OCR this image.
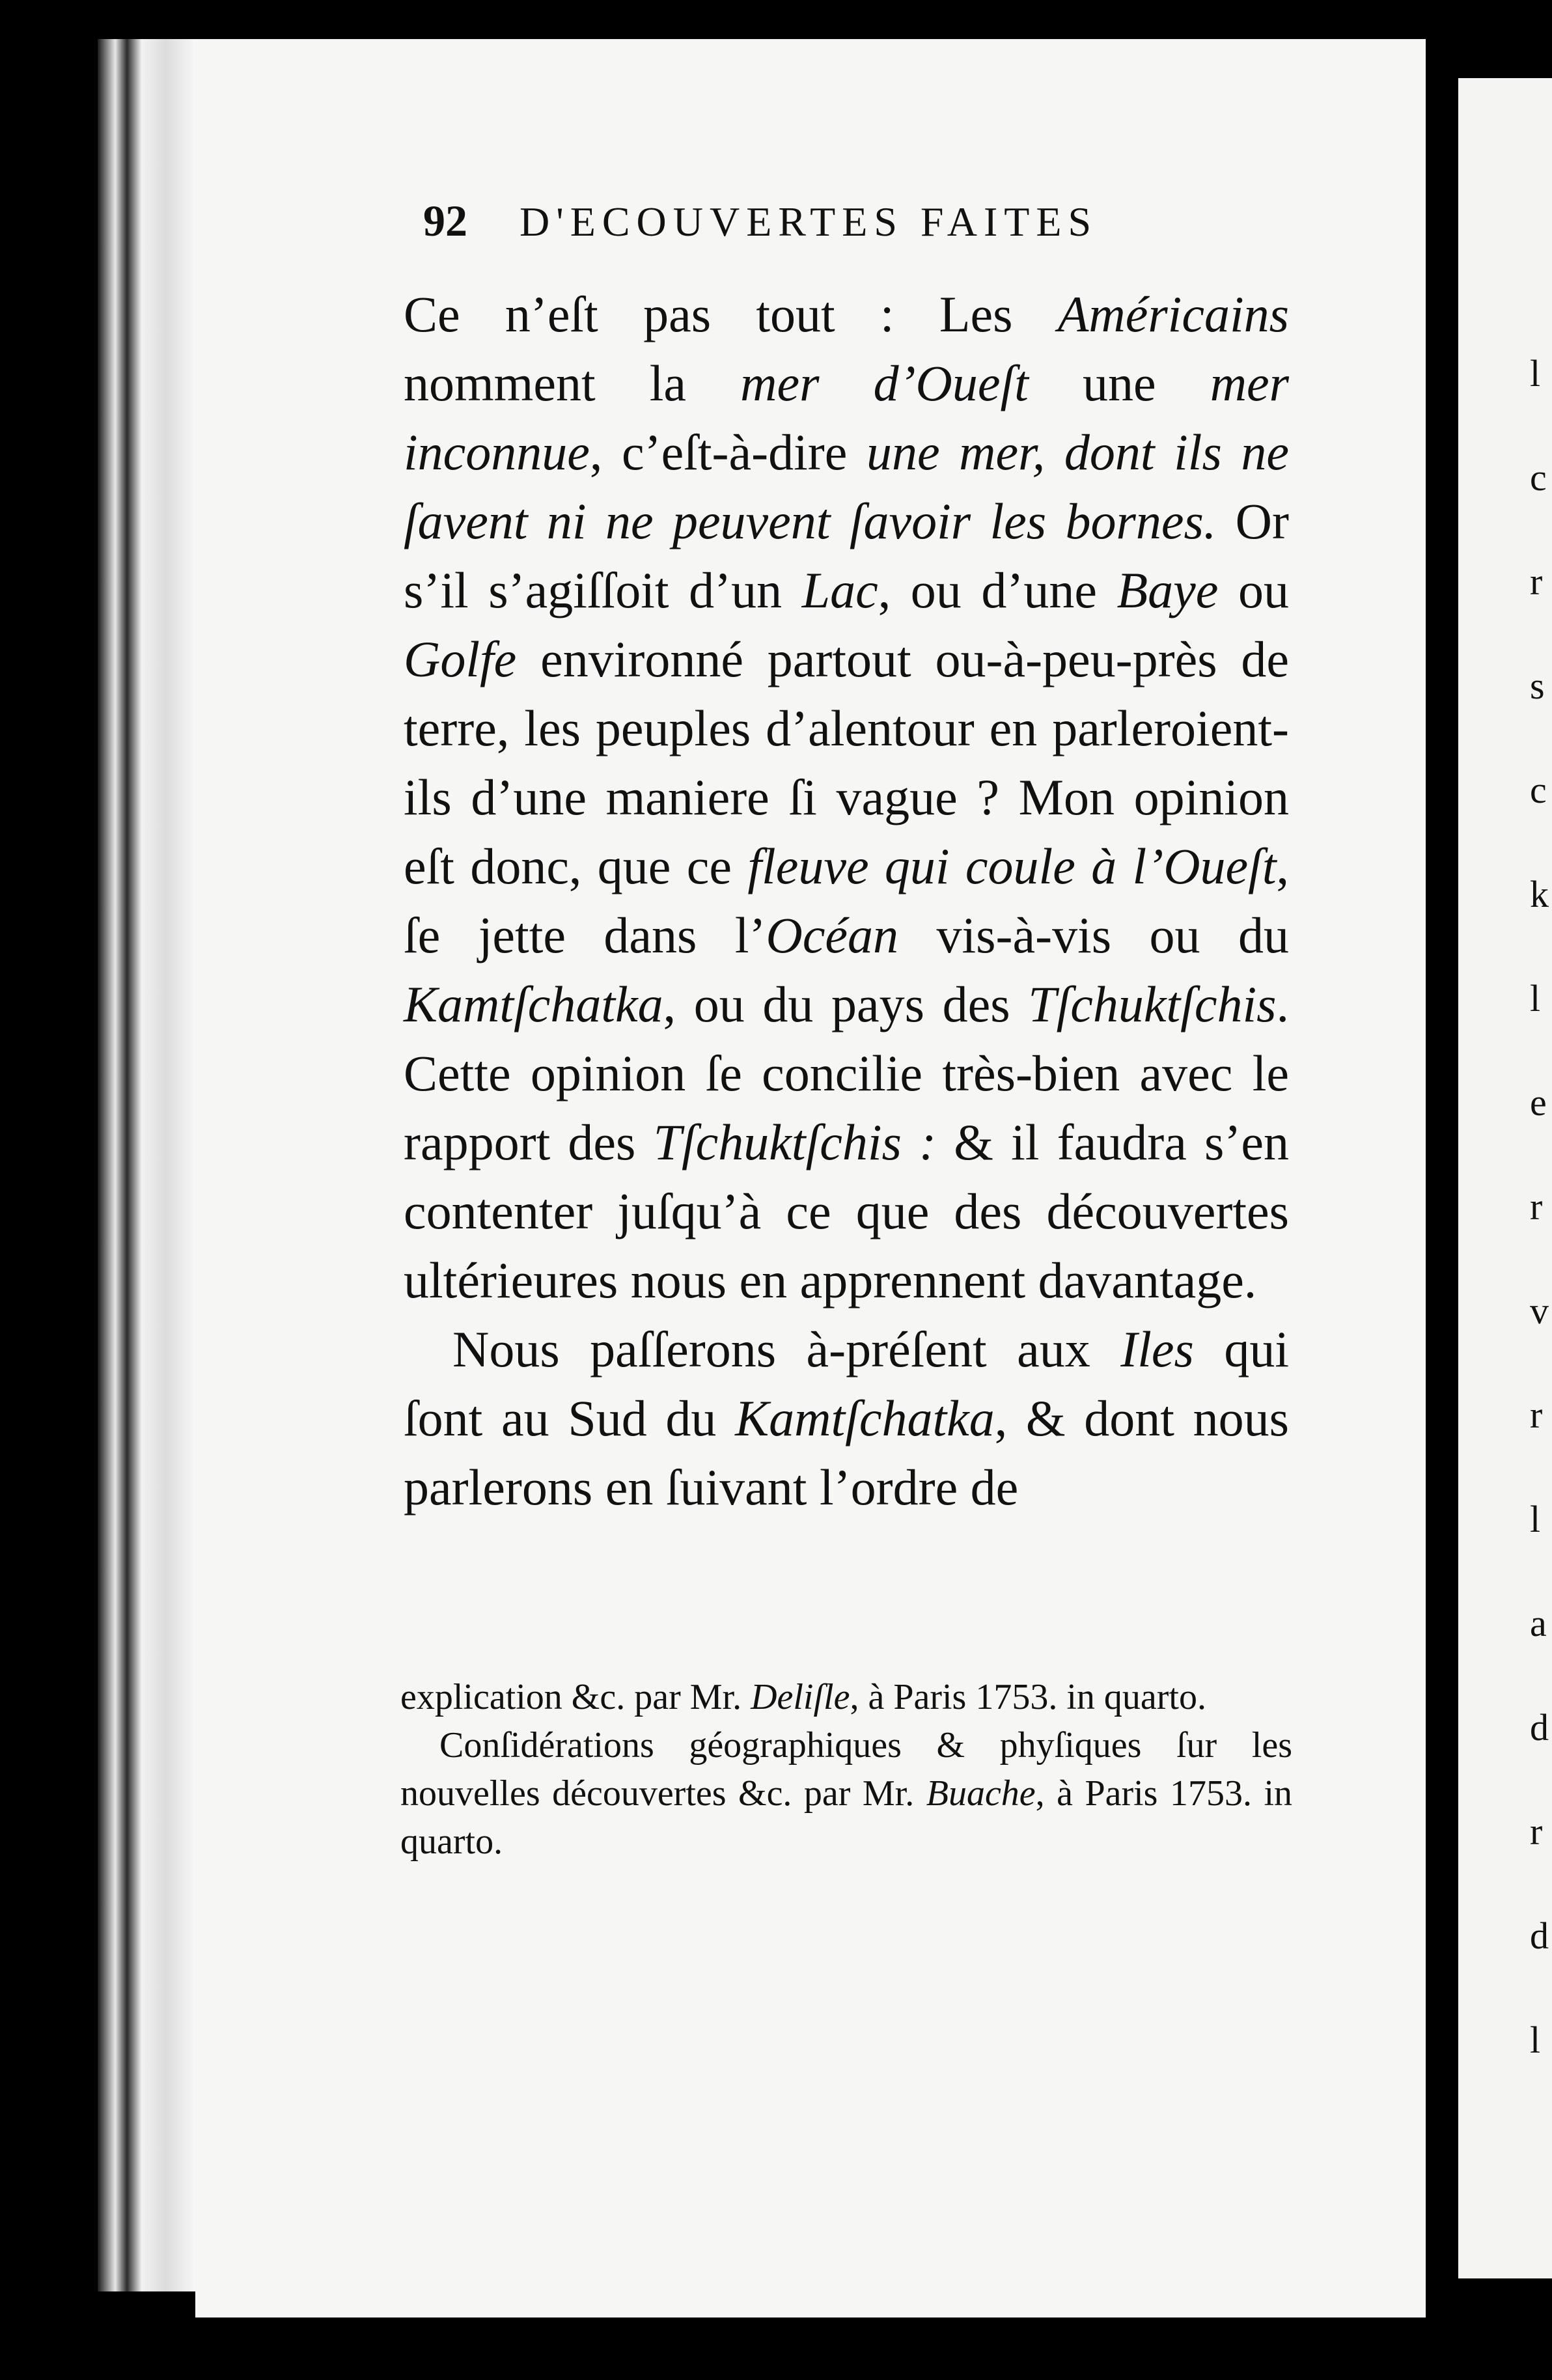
l
c
r
s
c
k
l
e
r
v
r
l
a
d
r
d
l
92 D'ECOUVERTES FAITES

Ce n’eſt pas tout : Les Américains nomment la mer d’Oueſt une mer inconnue, c’eſt-à-dire une mer, dont ils ne ſavent ni ne peuvent ſavoir les bornes. Or s’il s’agiſſoit d’un Lac, ou d’une Baye ou Golfe environné partout ou-à-peu-près de terre, les peuples d’alentour en parleroient-ils d’une maniere ſi vague ? Mon opinion eſt donc, que ce fleuve qui coule à l’Oueſt, ſe jette dans l’Océan vis-à-vis ou du Kamtſchatka, ou du pays des Tſchuktſchis. Cette opinion ſe concilie très-bien avec le rapport des Tſchuktſchis : & il faudra s’en contenter juſqu’à ce que des découvertes ultérieures nous en apprennent davantage.

Nous paſſerons à-préſent aux Iles qui ſont au Sud du Kamtſchatka, & dont nous parlerons en ſuivant l’ordre de

explication &c. par Mr. Deliſle, à Paris 1753. in quarto.

Conſidérations géographiques & phyſiques ſur les nouvelles découvertes &c. par Mr. Buache, à Paris 1753. in quarto.
